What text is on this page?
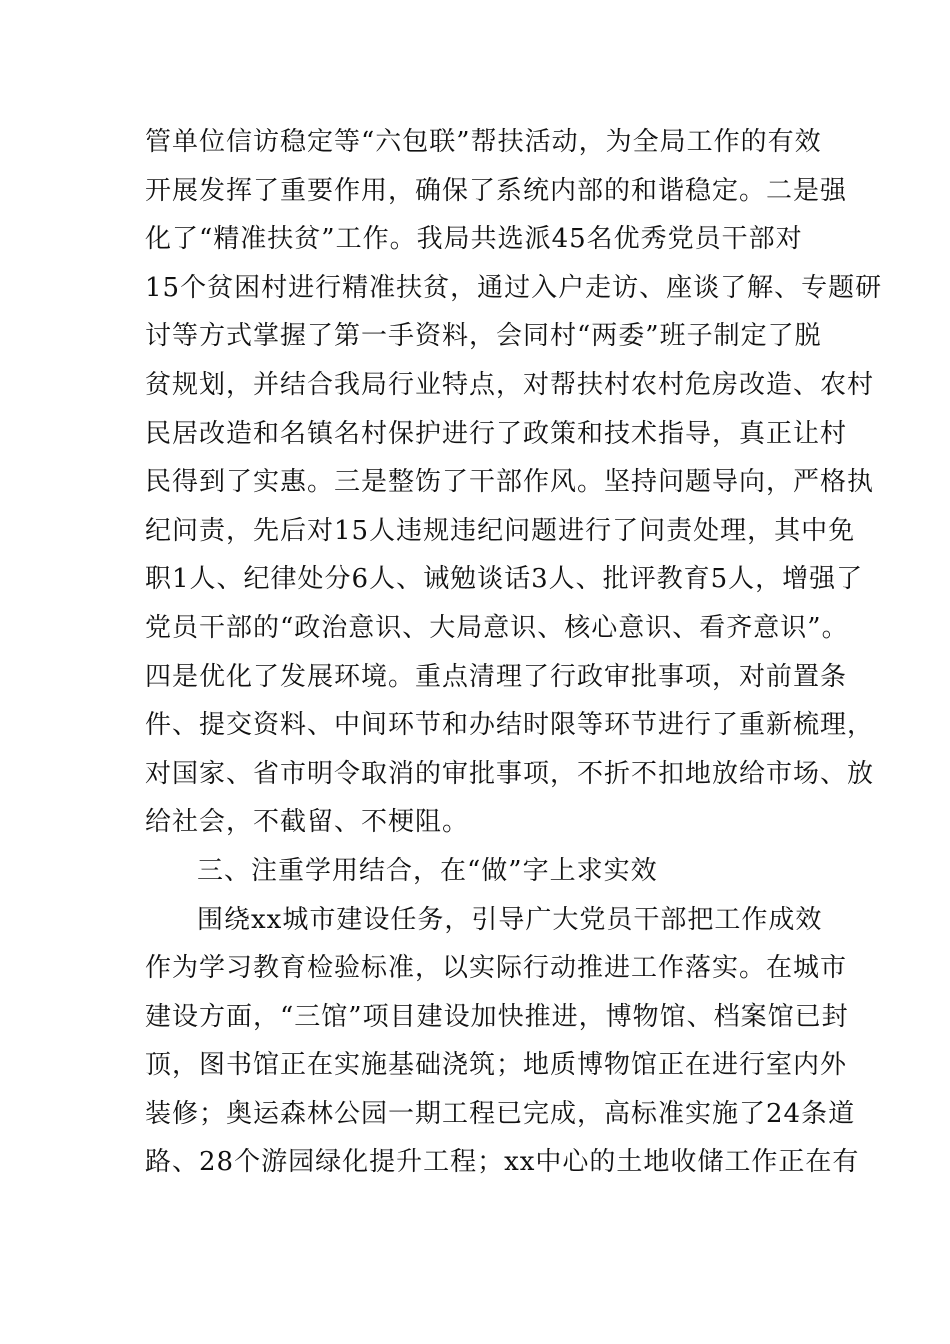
管单位信访稳定等“六包联”帮扶活动，为全局工作的有效
开展发挥了重要作用，确保了系统内部的和谐稳定。二是强
化了“精准扶贫”工作。我局共选派45名优秀党员干部对
15个贫困村进行精准扶贫，通过入户走访、座谈了解、专题研
讨等方式掌握了第一手资料，会同村“两委”班子制定了脱
贫规划，并结合我局行业特点，对帮扶村农村危房改造、农村
民居改造和名镇名村保护进行了政策和技术指导，真正让村
民得到了实惠。三是整饬了干部作风。坚持问题导向，严格执
纪问责，先后对15人违规违纪问题进行了问责处理，其中免
职1人、纪律处分6人、诫勉谈话3人、批评教育5人，增强了
党员干部的“政治意识、大局意识、核心意识、看齐意识”。
四是优化了发展环境。重点清理了行政审批事项，对前置条
件、提交资料、中间环节和办结时限等环节进行了重新梳理，
对国家、省市明令取消的审批事项，不折不扣地放给市场、放
给社会，不截留、不梗阻。
三、注重学用结合，在“做”字上求实效
围绕xx城市建设任务，引导广大党员干部把工作成效
作为学习教育检验标准，以实际行动推进工作落实。在城市
建设方面，“三馆”项目建设加快推进，博物馆、档案馆已封
顶，图书馆正在实施基础浇筑；地质博物馆正在进行室内外
装修；奥运森林公园一期工程已完成，高标准实施了24条道
路、28个游园绿化提升工程；xx中心的土地收储工作正在有
